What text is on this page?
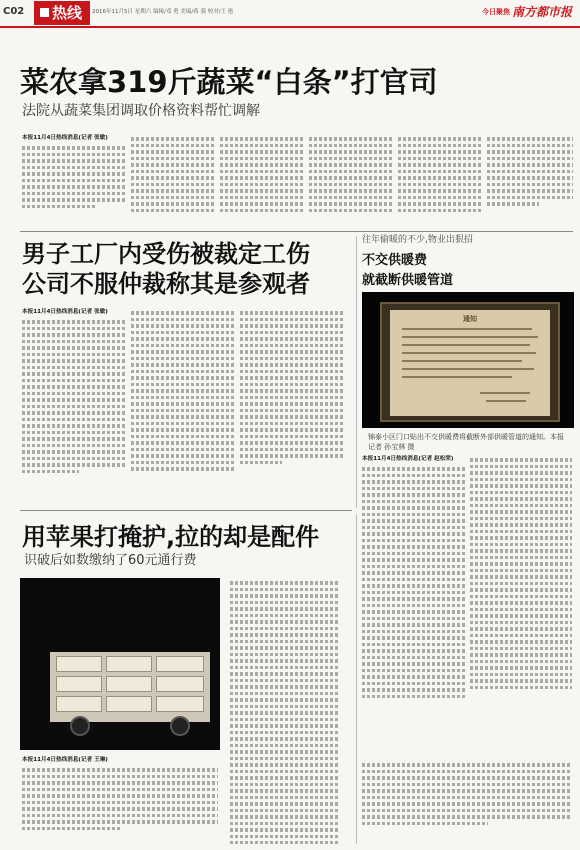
C02	热线	2016年11月5日 星期六 编辑/邓 勇 美编/蒋 强 校对/王 艳	今日聚焦 南方都市报
菜农拿319斤蔬菜“白条”打官司
法院从蔬菜集团调取价格资料帮忙调解
本报11月4日热线消息(记者 张敏)
男子工厂内受伤被裁定工伤
公司不服仲裁称其是参观者
本报11月4日热线消息(记者 张敏)
往年偷暖的不少,物业出狠招
不交供暖费
就截断供暖管道
通知
锦泰小区门口贴出不交供暖费将截断外部供暖管道的通知。本报记者 孙宝林 摄
本报11月4日热线消息(记者 赵松荣)
用苹果打掩护,拉的却是配件
识破后如数缴纳了60元通行费
本报11月4日热线消息(记者 王琳)
